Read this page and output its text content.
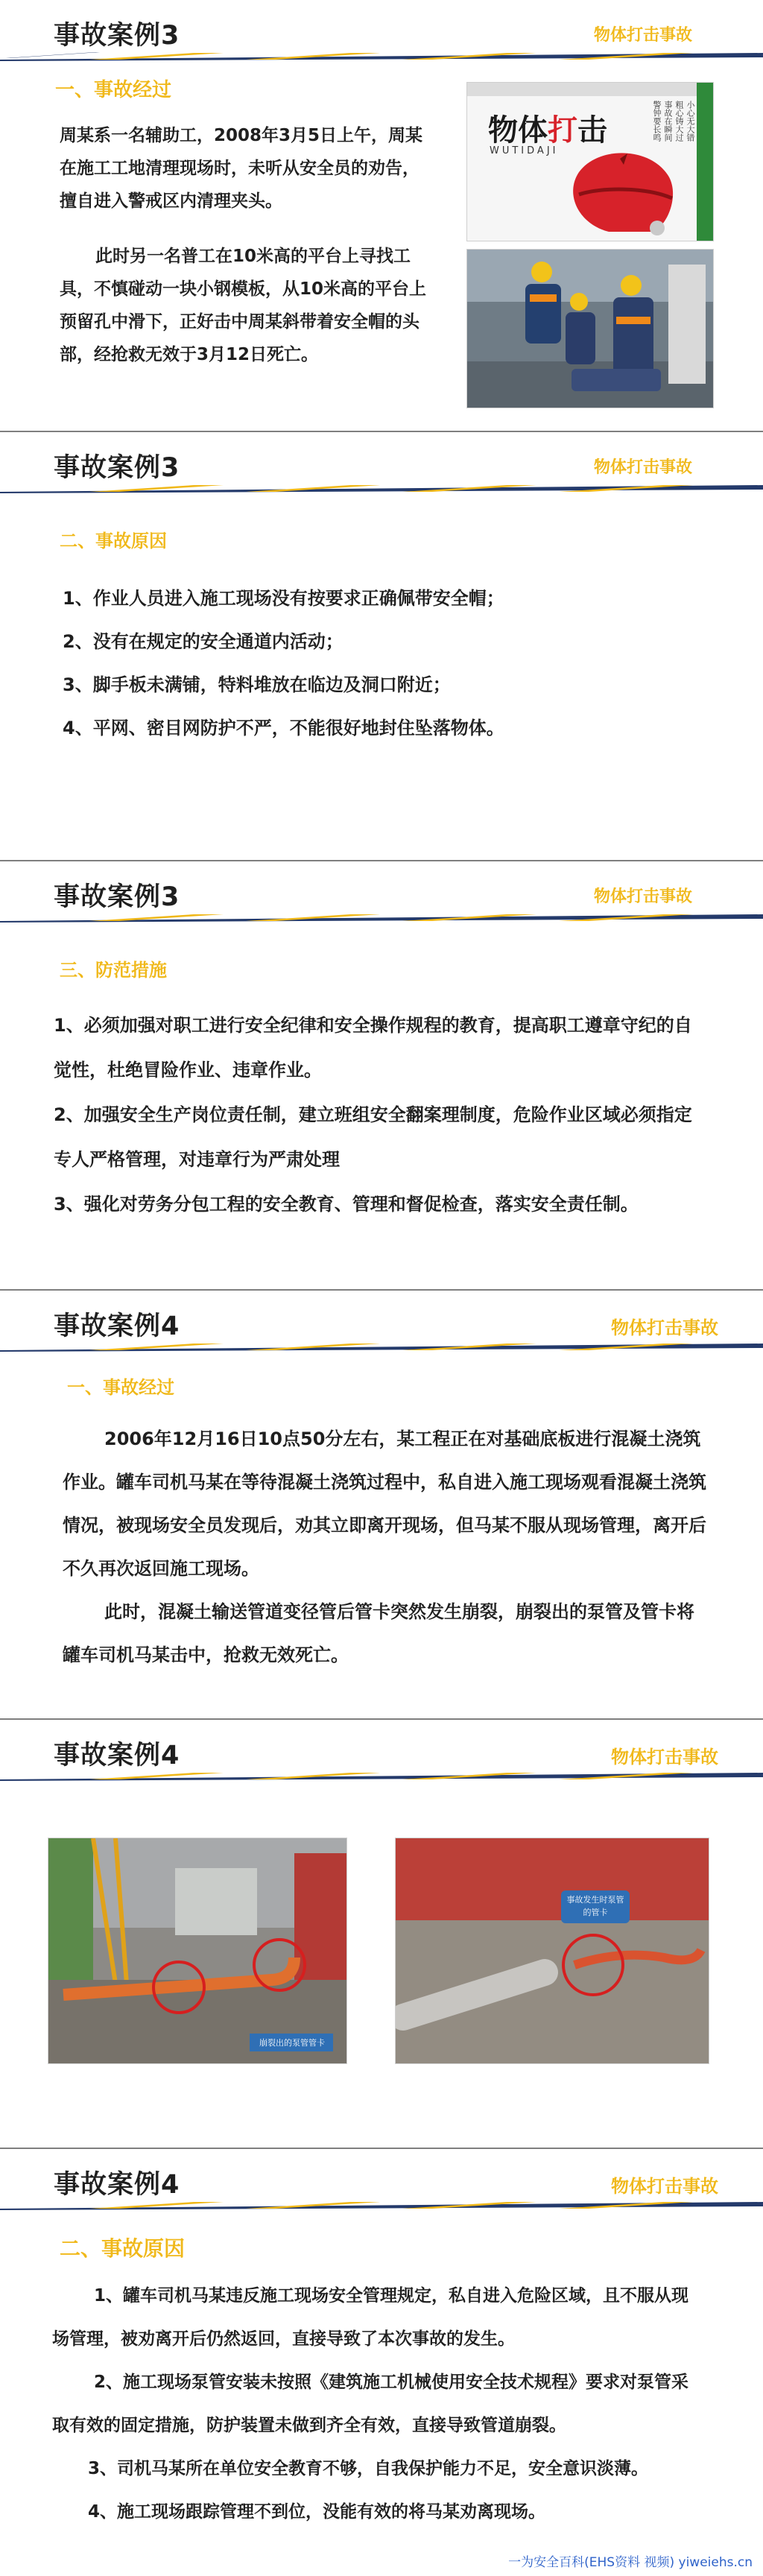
事故案例3	物体打击事故
一、事故经过

周某系一名辅助工，2008年3月5日上午，周某在施工工地清理现场时，未听从安全员的劝告，擅自进入警戒区内清理夹头。

此时另一名普工在10米高的平台上寻找工具，不慎碰动一块小钢模板，从10米高的平台上预留孔中滑下，正好击中周某斜带着安全帽的头部，经抢救无效于3月12日死亡。

物体打击
WUTIDAJI
小心无大错
粗心铸大过
事故在瞬间
警钟要长鸣
事故案例3	物体打击事故
二、事故原因

1、作业人员进入施工现场没有按要求正确佩带安全帽；

2、没有在规定的安全通道内活动；

3、脚手板未满铺，特料堆放在临边及洞口附近；

4、平网、密目网防护不严，不能很好地封住坠落物体。

事故案例3	物体打击事故
三、防范措施

1、必须加强对职工进行安全纪律和安全操作规程的教育，提高职工遵章守纪的自觉性，杜绝冒险作业、违章作业。

2、加强安全生产岗位责任制，建立班组安全翻案理制度，危险作业区域必须指定专人严格管理，对违章行为严肃处理

3、强化对劳务分包工程的安全教育、管理和督促检查，落实安全责任制。

事故案例4	物体打击事故
一、事故经过

2006年12月16日10点50分左右，某工程正在对基础底板进行混凝土浇筑作业。罐车司机马某在等待混凝土浇筑过程中，私自进入施工现场观看混凝土浇筑情况，被现场安全员发现后，劝其立即离开现场，但马某不服从现场管理，离开后不久再次返回施工现场。

此时，混凝土输送管道变径管后管卡突然发生崩裂，崩裂出的泵管及管卡将罐车司机马某击中，抢救无效死亡。

事故案例4	物体打击事故
崩裂出的泵管管卡
事故发生时泵管的管卡
事故案例4	物体打击事故
二、事故原因

1、罐车司机马某违反施工现场安全管理规定，私自进入危险区域，且不服从现场管理，被劝离开后仍然返回，直接导致了本次事故的发生。

2、施工现场泵管安装未按照《建筑施工机械使用安全技术规程》要求对泵管采取有效的固定措施，防护装置未做到齐全有效，直接导致管道崩裂。

3、司机马某所在单位安全教育不够，自我保护能力不足，安全意识淡薄。

4、施工现场跟踪管理不到位，没能有效的将马某劝离现场。

一为安全百科(EHS资料 视频) yiweiehs.cn
